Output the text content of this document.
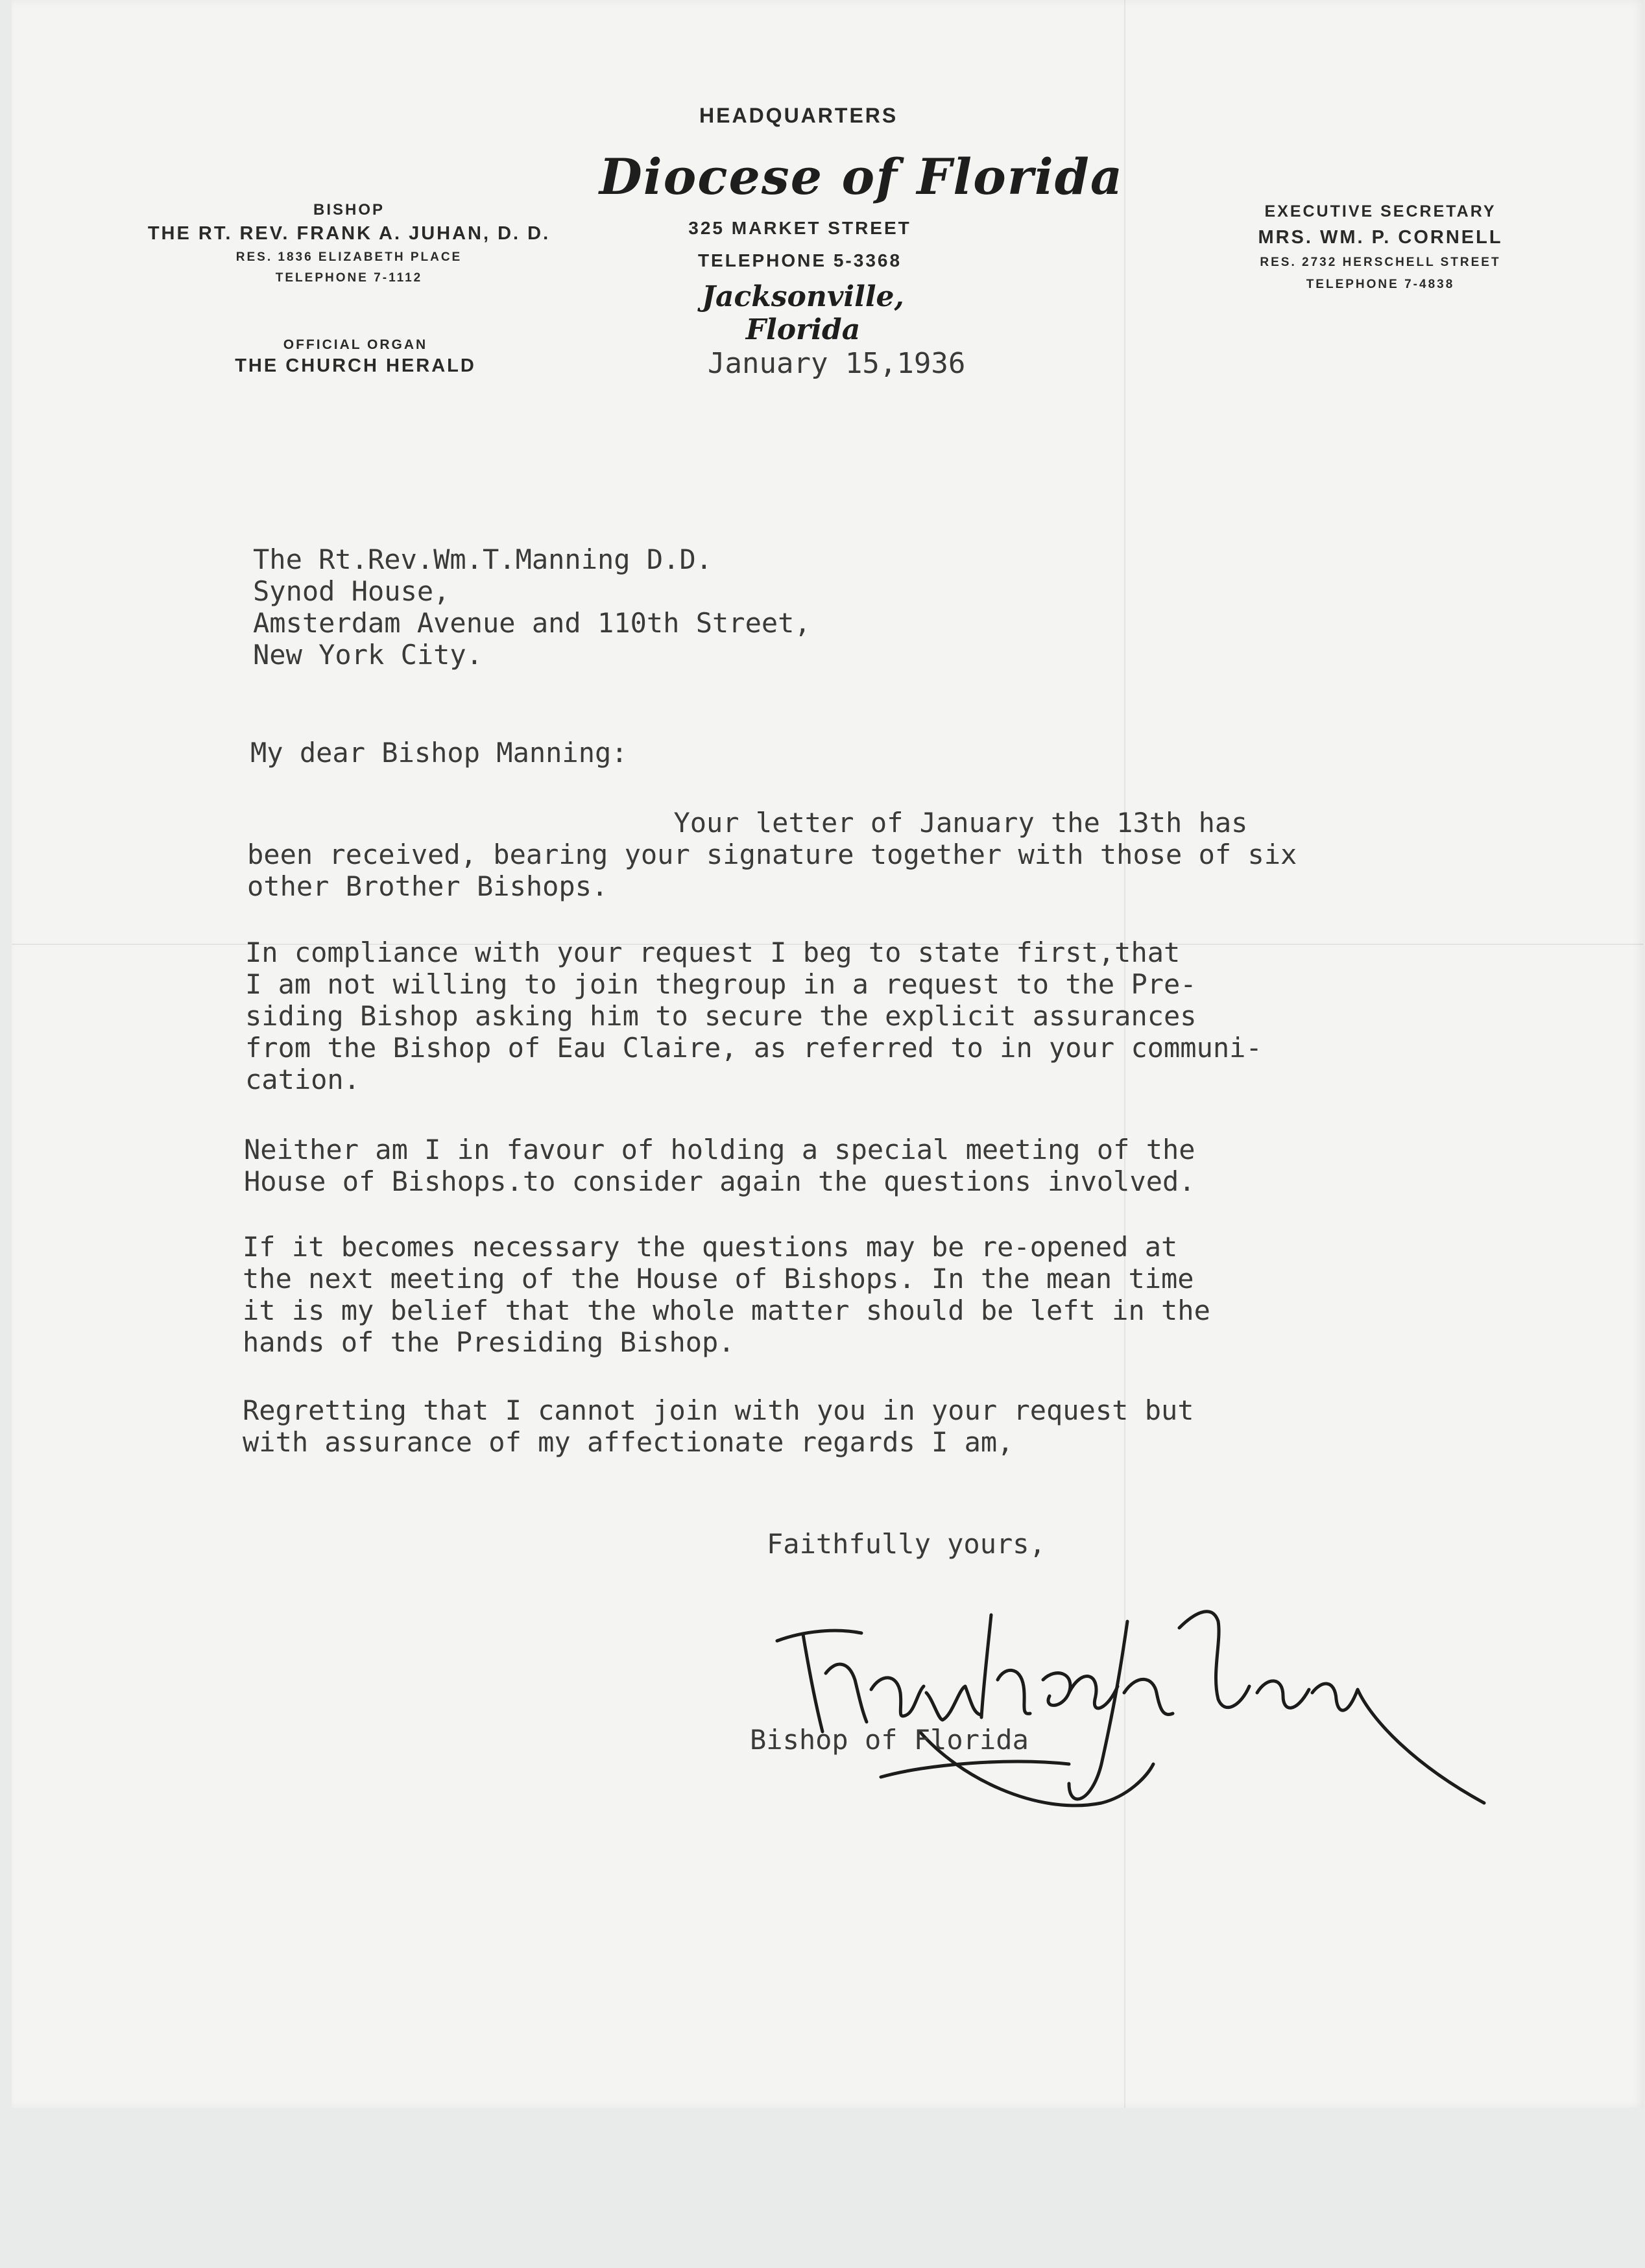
HEADQUARTERS
Diocese of Florida
325 MARKET STREET
TELEPHONE 5-3368
Jacksonville, Florida
BISHOP
THE RT. REV. FRANK A. JUHAN, D. D.
RES. 1836 ELIZABETH PLACE
TELEPHONE 7-1112
OFFICIAL ORGAN
THE CHURCH HERALD
EXECUTIVE SECRETARY
MRS. WM. P. CORNELL
RES. 2732 HERSCHELL STREET
TELEPHONE 7-4838
January 15,1936
The Rt.Rev.Wm.T.Manning D.D.
Synod House,
Amsterdam Avenue and 110th Street,
New York City.
My dear Bishop Manning:
Your letter of January the 13th has
been received, bearing your signature together with those of six
other Brother Bishops.
In compliance with your request I beg to state first,that
I am not willing to join thegroup in a request to the Pre-
siding Bishop asking him to secure the explicit assurances
from the Bishop of Eau Claire, as referred to in your communi-
cation.
Neither am I in favour of holding a special meeting of the
House of Bishops.to consider again the questions involved.
If it becomes necessary the questions may be re-opened at
the next meeting of the House of Bishops. In the mean time
it is my belief that the whole matter should be left in the
hands of the Presiding Bishop.
Regretting that I cannot join with you in your request but
with assurance of my affectionate regards I am,
Faithfully yours,
Bishop of Florida
